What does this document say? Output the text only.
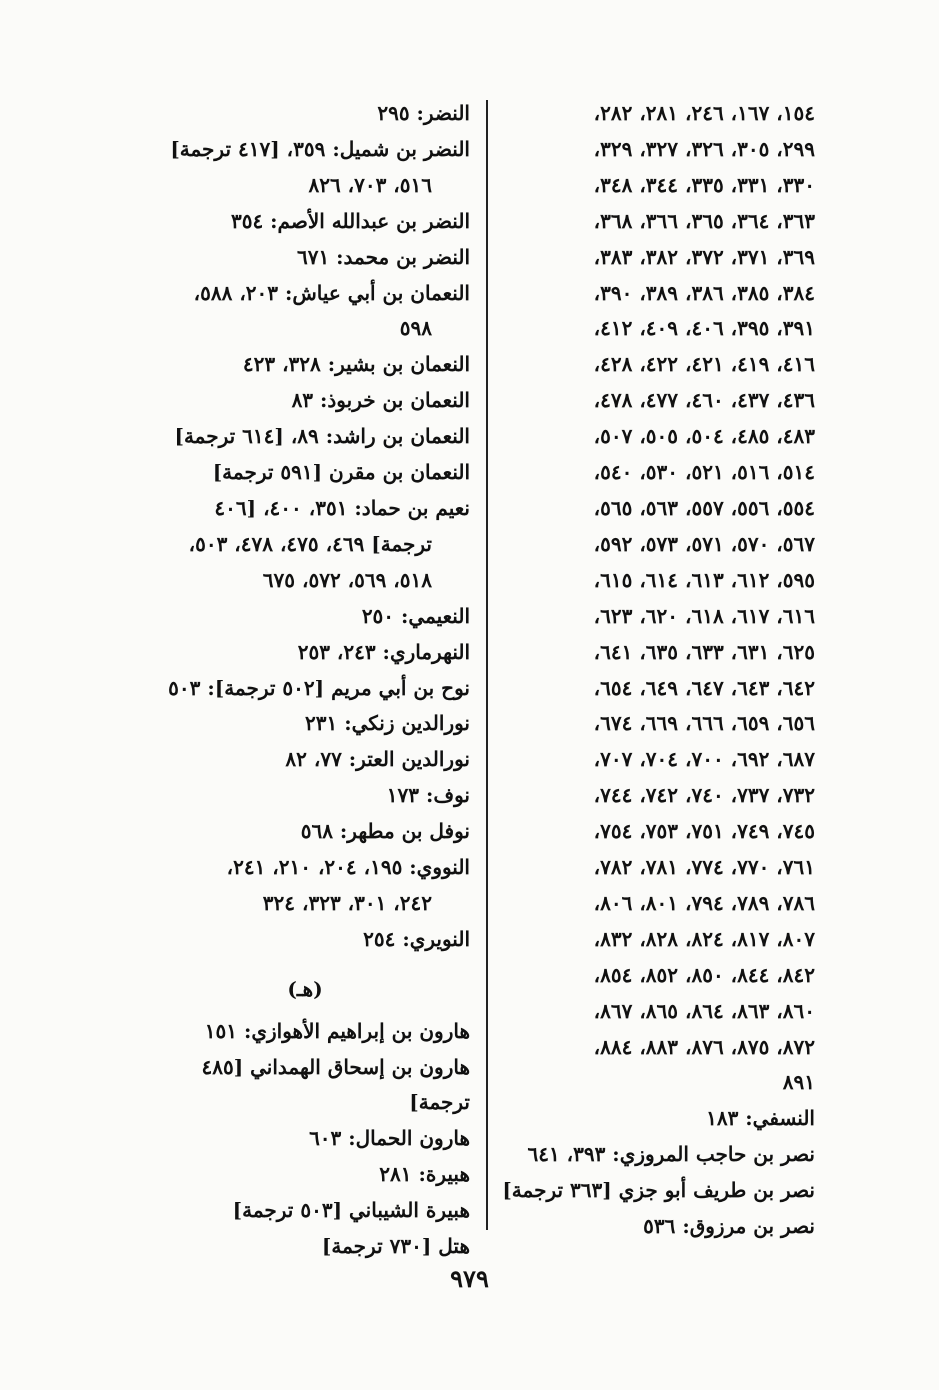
١٥٤، ١٦٧، ٢٤٦، ٢٨١، ٢٨٢،
٢٩٩، ٣٠٥، ٣٢٦، ٣٢٧، ٣٢٩،
٣٣٠، ٣٣١، ٣٣٥، ٣٤٤، ٣٤٨،
٣٦٣، ٣٦٤، ٣٦٥، ٣٦٦، ٣٦٨،
٣٦٩، ٣٧١، ٣٧٢، ٣٨٢، ٣٨٣،
٣٨٤، ٣٨٥، ٣٨٦، ٣٨٩، ٣٩٠،
٣٩١، ٣٩٥، ٤٠٦، ٤٠٩، ٤١٢،
٤١٦، ٤١٩، ٤٢١، ٤٢٢، ٤٢٨،
٤٣٦، ٤٣٧، ٤٦٠، ٤٧٧، ٤٧٨،
٤٨٣، ٤٨٥، ٥٠٤، ٥٠٥، ٥٠٧،
٥١٤، ٥١٦، ٥٢١، ٥٣٠، ٥٤٠،
٥٥٤، ٥٥٦، ٥٥٧، ٥٦٣، ٥٦٥،
٥٦٧، ٥٧٠، ٥٧١، ٥٧٣، ٥٩٢،
٥٩٥، ٦١٢، ٦١٣، ٦١٤، ٦١٥،
٦١٦، ٦١٧، ٦١٨، ٦٢٠، ٦٢٣،
٦٢٥، ٦٣١، ٦٣٣، ٦٣٥، ٦٤١،
٦٤٢، ٦٤٣، ٦٤٧، ٦٤٩، ٦٥٤،
٦٥٦، ٦٥٩، ٦٦٦، ٦٦٩، ٦٧٤،
٦٨٧، ٦٩٢، ٧٠٠، ٧٠٤، ٧٠٧،
٧٣٢، ٧٣٧، ٧٤٠، ٧٤٢، ٧٤٤،
٧٤٥، ٧٤٩، ٧٥١، ٧٥٣، ٧٥٤،
٧٦١، ٧٧٠، ٧٧٤، ٧٨١، ٧٨٢،
٧٨٦، ٧٨٩، ٧٩٤، ٨٠١، ٨٠٦،
٨٠٧، ٨١٧، ٨٢٤، ٨٢٨، ٨٣٢،
٨٤٢، ٨٤٤، ٨٥٠، ٨٥٢، ٨٥٤،
٨٦٠، ٨٦٣، ٨٦٤، ٨٦٥، ٨٦٧،
٨٧٢، ٨٧٥، ٨٧٦، ٨٨٣، ٨٨٤،
٨٩١
النسفي: ١٨٣
نصر بن حاجب المروزي: ٣٩٣، ٦٤١
نصر بن طريف أبو جزي [٣٦٣ ترجمة]
نصر بن مرزوق: ٥٣٦
النضر: ٢٩٥
النضر بن شميل: ٣٥٩، [٤١٧ ترجمة]
٥١٦، ٧٠٣، ٨٢٦
النضر بن عبدالله الأصم: ٣٥٤
النضر بن محمد: ٦٧١
النعمان بن أبي عياش: ٢٠٣، ٥٨٨،
٥٩٨
النعمان بن بشير: ٣٢٨، ٤٢٣
النعمان بن خربوذ: ٨٣
النعمان بن راشد: ٨٩، [٦١٤ ترجمة]
النعمان بن مقرن [٥٩١ ترجمة]
نعيم بن حماد: ٣٥١، ٤٠٠، [٤٠٦
ترجمة] ٤٦٩، ٤٧٥، ٤٧٨، ٥٠٣،
٥١٨، ٥٦٩، ٥٧٢، ٦٧٥
النعيمي: ٢٥٠
النهرماري: ٢٤٣، ٢٥٣
نوح بن أبي مريم [٥٠٢ ترجمة]: ٥٠٣
نورالدين زنكي: ٢٣١
نورالدين العتر: ٧٧، ٨٢
نوف: ١٧٣
نوفل بن مطهر: ٥٦٨
النووي: ١٩٥، ٢٠٤، ٢١٠، ٢٤١،
٢٤٢، ٣٠١، ٣٢٣، ٣٢٤
النويري: ٢٥٤
(هـ)
هارون بن إبراهيم الأهوازي: ١٥١
هارون بن إسحاق الهمداني [٤٨٥ ترجمة]
هارون الحمال: ٦٠٣
هبيرة: ٢٨١
هبيرة الشيباني [٥٠٣ ترجمة]
هتل [٧٣٠ ترجمة]
٩٧٩
